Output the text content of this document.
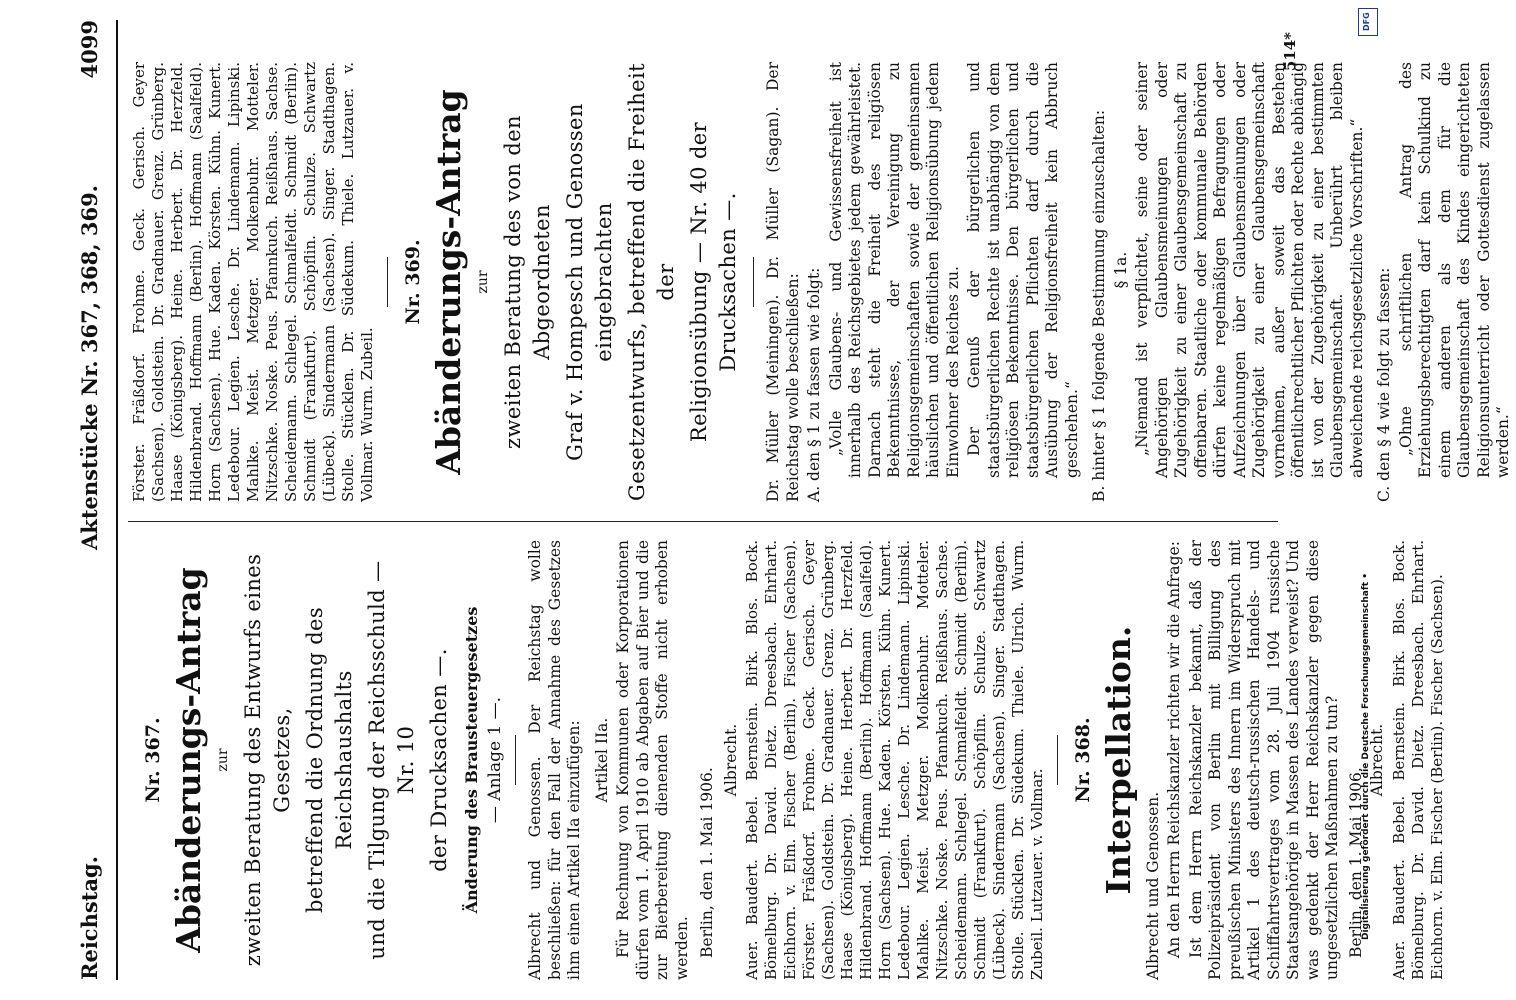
Reichstag.
Aktenstücke Nr. 367, 368, 369.
4099
Nr. 367. Abänderungs-Antrag zur zweiten Beratung des Entwurfs eines Gesetzes, betreffend die Ordnung des Reichshaushalts und die Tilgung der Reichsschuld — Nr. 10 der Drucksachen —. Änderung des Brausteuergesetzes — Anlage 1 —. Albrecht und Genossen. Der Reichstag wolle beschließen: für den Fall der Annahme des Gesetzes ihm einen Artikel IIa einzufügen: Artikel IIa. Für Rechnung von Kommunen oder Korporationen dürfen vom 1. April 1910 ab Abgaben auf Bier und die zur Bierbereitung dienenden Stoffe nicht erhoben werden. Berlin, den 1. Mai 1906.

Albrecht. Auer. Baudert. Bebel. Bernstein. Birk. Blos. Bock. Bömelburg. Dr. David. Dietz. Dreesbach. Ehrhart. Eichhorn. v. Elm. Fischer (Berlin). Fischer (Sachsen). Förster. Fräßdorf. Frohme. Geck. Gerisch. Geyer (Sachsen). Goldstein. Dr. Gradnauer. Grenz. Grünberg. Haase (Königsberg). Heine. Herbert. Dr. Herzfeld. Hildenbrand. Hoffmann (Berlin). Hoffmann (Saalfeld). Horn (Sachsen). Hue. Kaden. Körsten. Kühn. Kunert. Ledebour. Legien. Lesche. Dr. Lindemann. Lipinski. Mahlke. Meist. Metzger. Molkenbuhr. Motteler. Nitzschke. Noske. Peus. Pfannkuch. Reißhaus. Sachse. Scheidemann. Schlegel. Schmalfeldt. Schmidt (Berlin). Schmidt (Frankfurt). Schöpflin. Schulze. Schwartz (Lübeck). Sindermann (Sachsen). Singer. Stadthagen. Stolle. Stücklen. Dr. Südekum. Thiele. Ulrich. Wurm. Zubeil. Lutzauer. v. Vollmar.

Nr. 368. Interpellation. Albrecht und Genossen. An den Herrn Reichskanzler richten wir die Anfrage: Ist dem Herrn Reichskanzler bekannt, daß der Polizeipräsident von Berlin mit Billigung des preußischen Ministers des Innern im Widerspruch mit Artikel 1 des deutsch-russischen Handels- und Schiffahrtsvertrages vom 28. Juli 1904 russische Staatsangehörige in Massen des Landes verweist? Und was gedenkt der Herr Reichskanzler gegen diese ungesetzlichen Maßnahmen zu tun? Berlin, den 1. Mai 1906.

Albrecht. Auer. Baudert. Bebel. Bernstein. Birk. Blos. Bock. Bömelburg. Dr. David. Dietz. Dreesbach. Ehrhart. Eichhorn. v. Elm. Fischer (Berlin). Fischer (Sachsen).

Förster. Fräßdorf. Frohme. Geck. Gerisch. Geyer (Sachsen). Goldstein. Dr. Gradnauer. Grenz. Grünberg. Haase (Königsberg). Heine. Herbert. Dr. Herzfeld. Hildenbrand. Hoffmann (Berlin). Hoffmann (Saalfeld). Horn (Sachsen). Hue. Kaden. Körsten. Kühn. Kunert. Ledebour. Legien. Lesche. Dr. Lindemann. Lipinski. Mahlke. Meist. Metzger. Molkenbuhr. Motteler. Nitzschke. Noske. Peus. Pfannkuch. Reißhaus. Sachse. Scheidemann. Schlegel. Schmalfeldt. Schmidt (Berlin). Schmidt (Frankfurt). Schöpflin. Schulze. Schwartz (Lübeck). Sindermann (Sachsen). Singer. Stadthagen. Stolle. Stücklen. Dr. Südekum. Thiele. Lutzauer. v. Vollmar. Wurm. Zubeil.

Nr. 369. Abänderungs-Antrag zur zweiten Beratung des von den Abgeordneten Graf v. Hompesch und Genossen eingebrachten Gesetzentwurfs, betreffend die Freiheit der Religionsübung — Nr. 40 der Drucksachen —. Dr. Müller (Meiningen). Dr. Müller (Sagan). Der Reichstag wolle beschließen: A. den § 1 zu fassen wie folgt: „Volle Glaubens- und Gewissensfreiheit ist innerhalb des Reichsgebietes jedem gewährleistet. Darnach steht die Freiheit des religiösen Bekenntnisses, der Vereinigung zu Religionsgemeinschaften sowie der gemeinsamen häuslichen und öffentlichen Religionsübung jedem Einwohner des Reiches zu. Der Genuß der bürgerlichen und staatsbürgerlichen Rechte ist unabhängig von dem religiösen Bekenntnisse. Den bürgerlichen und staatsbürgerlichen Pflichten darf durch die Ausübung der Religionsfreiheit kein Abbruch geschehen.“ B. hinter § 1 folgende Bestimmung einzuschalten: § 1a. „Niemand ist verpflichtet, seine oder seiner Angehörigen Glaubensmeinungen oder Zugehörigkeit zu einer Glaubensgemeinschaft zu offenbaren. Staatliche oder kommunale Behörden dürfen keine regelmäßigen Befragungen oder Aufzeichnungen über Glaubensmeinungen oder Zugehörigkeit zu einer Glaubensgemeinschaft vornehmen, außer soweit das Bestehen öffentlichrechtlicher Pflichten oder Rechte abhängig ist von der Zugehörigkeit zu einer bestimmten Glaubensgemeinschaft. Unberührt bleiben abweichende reichsgesetzliche Vorschriften.“ C. den § 4 wie folgt zu fassen: „Ohne schriftlichen Antrag des Erziehungsberechtigten darf kein Schulkind zu einem anderen als dem für die Glaubensgemeinschaft des Kindes eingerichteten Religionsunterricht oder Gottesdienst zugelassen werden.“

514*
DFG
Digitalisierung gefördert durch die Deutsche Forschungsgemeinschaft •
